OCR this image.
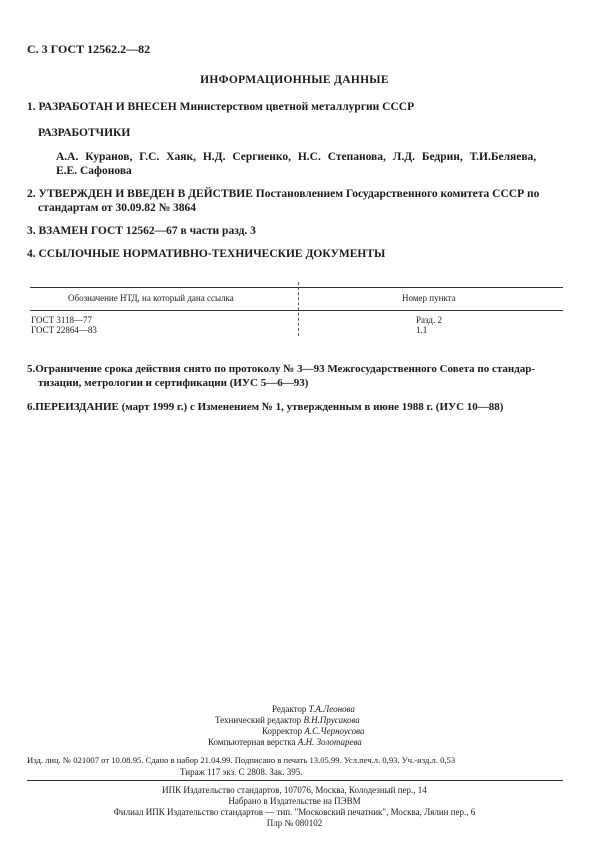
С. 3 ГОСТ 12562.2—82
ИНФОРМАЦИОННЫЕ ДАННЫЕ
1. РАЗРАБОТАН И ВНЕСЕН Министерством цветной металлургии СССР
РАЗРАБОТЧИКИ
А.А. Куранов, Г.С. Хаяк, Н.Д. Сергиенко, Н.С. Степанова, Л.Д. Бедрин, Т.И.Беляева,
Е.Е. Сафонова
2. УТВЕРЖДЕН И ВВЕДЕН В ДЕЙСТВИЕ Постановлением Государственного комитета СССР по
стандартам от 30.09.82 № 3864
3. ВЗАМЕН ГОСТ 12562—67 в части разд. 3
4. ССЫЛОЧНЫЕ НОРМАТИВНО-ТЕХНИЧЕСКИЕ ДОКУМЕНТЫ
Обозначение НТД, на который дана ссылка	Номер пункта
ГОСТ 3118—77	Разд. 2
ГОСТ 22864—83	1.1
5.Ограничение срока действия снято по протоколу № 3—93 Межгосударственного Совета по стандар-
тизации, метрологии и сертификации (ИУС 5—6—93)
6.ПЕРЕИЗДАНИЕ (март 1999 г.) с Изменением № 1, утвержденным в июне 1988 г. (ИУС 10—88)
Редактор Т.А.Леонова
Технический редактор В.Н.Прусакова
Корректор А.С.Черноусова
Компьютерная верстка А.Н. Золотарева
Изд. лиц. № 021007 от 10.08.95. Сдано в набор 21.04.99. Подписано в печать 13.05.99. Усл.печ.л. 0,93. Уч.-изд.л. 0,53
Тираж 117 экз. С 2808. Зак. 395.
ИПК Издательство стандартов, 107076, Москва, Колодезный пер., 14
Набрано в Издательстве на ПЭВМ
Филиал ИПК Издательство стандартов — тип. "Московский печатник", Москва, Лялин пер., 6
Плр № 080102
